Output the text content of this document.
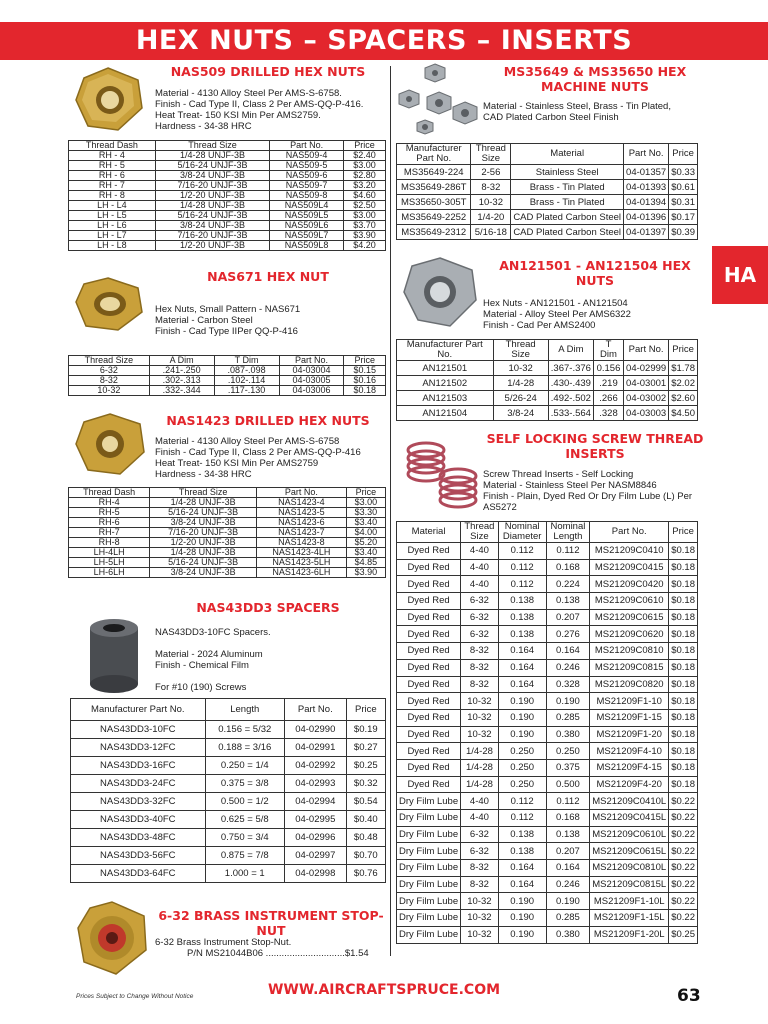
HEX NUTS – SPACERS – INSERTS
HA
NAS509 DRILLED HEX NUTS
Material - 4130 Alloy Steel Per AMS-S-6758.
Finish - Cad Type II, Class 2 Per AMS-QQ-P-416.
Heat Treat- 150 KSI Min Per AMS2759.
Hardness - 34-38 HRC
Thread Dash	Thread Size	Part No.	Price
RH - 4	1/4-28 UNJF-3B	NAS509-4	$2.40
RH - 5	5/16-24 UNJF-3B	NAS509-5	$3.00
RH - 6	3/8-24 UNJF-3B	NAS509-6	$2.80
RH - 7	7/16-20 UNJF-3B	NAS509-7	$3.20
RH - 8	1/2-20 UNJF-3B	NAS509-8	$4.60
LH - L4	1/4-28 UNJF-3B	NAS509L4	$2.50
LH - L5	5/16-24 UNJF-3B	NAS509L5	$3.00
LH - L6	3/8-24 UNJF-3B	NAS509L6	$3.70
LH - L7	7/16-20 UNJF-3B	NAS509L7	$3.90
LH - L8	1/2-20 UNJF-3B	NAS509L8	$4.20
NAS671 HEX NUT
Hex Nuts, Small Pattern - NAS671
Material - Carbon Steel
Finish - Cad Type IIPer QQ-P-416
Thread Size	A Dim	T Dim	Part No.	Price
6-32	.241-.250	.087-.098	04-03004	$0.15
8-32	.302-.313	.102-.114	04-03005	$0.16
10-32	.332-.344	.117-.130	04-03006	$0.18
NAS1423 DRILLED HEX NUTS
Material - 4130 Alloy Steel Per AMS-S-6758
Finish - Cad Type II, Class 2 Per AMS-QQ-P-416
Heat Treat- 150 KSI Min Per AMS2759
Hardness - 34-38 HRC
Thread Dash	Thread Size	Part No.	Price
RH-4	1/4-28 UNJF-3B	NAS1423-4	$3.00
RH-5	5/16-24 UNJF-3B	NAS1423-5	$3.30
RH-6	3/8-24 UNJF-3B	NAS1423-6	$3.40
RH-7	7/16-20 UNJF-3B	NAS1423-7	$4.00
RH-8	1/2-20 UNJF-3B	NAS1423-8	$5.20
LH-4LH	1/4-28 UNJF-3B	NAS1423-4LH	$3.40
LH-5LH	5/16-24 UNJF-3B	NAS1423-5LH	$4.85
LH-6LH	3/8-24 UNJF-3B	NAS1423-6LH	$3.90
NAS43DD3 SPACERS
NAS43DD3-10FC Spacers.

Material - 2024 Aluminum
Finish - Chemical Film

For #10 (190) Screws
Manufacturer Part No.	Length	Part No.	Price
NAS43DD3-10FC	0.156 = 5/32	04-02990	$0.19
NAS43DD3-12FC	0.188 = 3/16	04-02991	$0.27
NAS43DD3-16FC	0.250 = 1/4	04-02992	$0.25
NAS43DD3-24FC	0.375 = 3/8	04-02993	$0.32
NAS43DD3-32FC	0.500 = 1/2	04-02994	$0.54
NAS43DD3-40FC	0.625 = 5/8	04-02995	$0.40
NAS43DD3-48FC	0.750 = 3/4	04-02996	$0.48
NAS43DD3-56FC	0.875 = 7/8	04-02997	$0.70
NAS43DD3-64FC	1.000 = 1	04-02998	$0.76
6-32 BRASS INSTRUMENT STOP-NUT
6-32 Brass Instrument Stop-Nut.
P/N MS21044B06 ..............................$1.54
MS35649 & MS35650 HEX MACHINE NUTS
Material - Stainless Steel, Brass - Tin Plated,
CAD Plated Carbon Steel Finish
Manufacturer Part No.	Thread Size	Material	Part No.	Price
MS35649-224	2-56	Stainless Steel	04-01357	$0.33
MS35649-286T	8-32	Brass - Tin Plated	04-01393	$0.61
MS35650-305T	10-32	Brass - Tin Plated	04-01394	$0.31
MS35649-2252	1/4-20	CAD Plated Carbon Steel	04-01396	$0.17
MS35649-2312	5/16-18	CAD Plated Carbon Steel	04-01397	$0.39
AN121501 - AN121504 HEX NUTS
Hex Nuts - AN121501 - AN121504
Material - Alloy Steel Per AMS6322
Finish - Cad Per AMS2400
Manufacturer Part No.	Thread Size	A Dim	T Dim	Part No.	Price
AN121501	10-32	.367-.376	0.156	04-02999	$1.78
AN121502	1/4-28	.430-.439	.219	04-03001	$2.02
AN121503	5/26-24	.492-.502	.266	04-03002	$2.60
AN121504	3/8-24	.533-.564	.328	04-03003	$4.50
SELF LOCKING SCREW THREAD INSERTS
Screw Thread Inserts - Self Locking
Material - Stainless Steel Per NASM8846
Finish - Plain, Dyed Red Or Dry Film Lube (L) Per
AS5272
Material	Thread Size	Nominal Diameter	Nominal Length	Part No.	Price
Dyed Red	4-40	0.112	0.112	MS21209C0410	$0.18
Dyed Red	4-40	0.112	0.168	MS21209C0415	$0.18
Dyed Red	4-40	0.112	0.224	MS21209C0420	$0.18
Dyed Red	6-32	0.138	0.138	MS21209C0610	$0.18
Dyed Red	6-32	0.138	0.207	MS21209C0615	$0.18
Dyed Red	6-32	0.138	0.276	MS21209C0620	$0.18
Dyed Red	8-32	0.164	0.164	MS21209C0810	$0.18
Dyed Red	8-32	0.164	0.246	MS21209C0815	$0.18
Dyed Red	8-32	0.164	0.328	MS21209C0820	$0.18
Dyed Red	10-32	0.190	0.190	MS21209F1-10	$0.18
Dyed Red	10-32	0.190	0.285	MS21209F1-15	$0.18
Dyed Red	10-32	0.190	0.380	MS21209F1-20	$0.18
Dyed Red	1/4-28	0.250	0.250	MS21209F4-10	$0.18
Dyed Red	1/4-28	0.250	0.375	MS21209F4-15	$0.18
Dyed Red	1/4-28	0.250	0.500	MS21209F4-20	$0.18
Dry Film Lube	4-40	0.112	0.112	MS21209C0410L	$0.22
Dry Film Lube	4-40	0.112	0.168	MS21209C0415L	$0.22
Dry Film Lube	6-32	0.138	0.138	MS21209C0610L	$0.22
Dry Film Lube	6-32	0.138	0.207	MS21209C0615L	$0.22
Dry Film Lube	8-32	0.164	0.164	MS21209C0810L	$0.22
Dry Film Lube	8-32	0.164	0.246	MS21209C0815L	$0.22
Dry Film Lube	10-32	0.190	0.190	MS21209F1-10L	$0.22
Dry Film Lube	10-32	0.190	0.285	MS21209F1-15L	$0.22
Dry Film Lube	10-32	0.190	0.380	MS21209F1-20L	$0.25
Prices Subject to Change Without Notice	WWW.AIRCRAFTSPRUCE.COM	63
